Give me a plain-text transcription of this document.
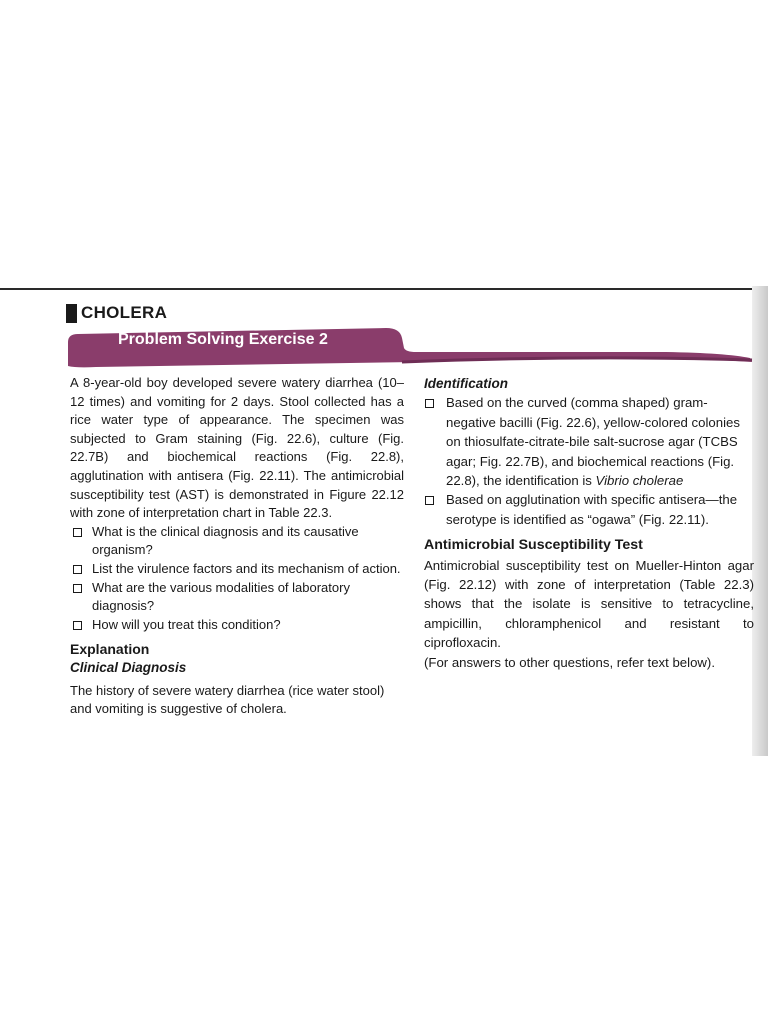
CHOLERA
Problem Solving Exercise 2

A 8-year-old boy developed severe watery diarrhea (10–12 times) and vomiting for 2 days. Stool collected has a rice water type of appearance. The specimen was subjected to Gram staining (Fig. 22.6), culture (Fig. 22.7B) and biochemical reactions (Fig. 22.8), agglutination with antisera (Fig. 22.11). The antimicrobial susceptibility test (AST) is demonstrated in Figure 22.12 with zone of interpretation chart in Table 22.3.

What is the clinical diagnosis and its causative organism?
List the virulence factors and its mechanism of action.
What are the various modalities of laboratory diagnosis?
How will you treat this condition?

Explanation

Clinical Diagnosis

The history of severe watery diarrhea (rice water stool) and vomiting is suggestive of cholera.

Identification

Based on the curved (comma shaped) gram-negative bacilli (Fig. 22.6), yellow-colored colonies on thiosulfate-citrate-bile salt-sucrose agar (TCBS agar; Fig. 22.7B), and biochemical reactions (Fig. 22.8), the identification is Vibrio cholerae
Based on agglutination with specific antisera—the serotype is identified as “ogawa” (Fig. 22.11).

Antimicrobial Susceptibility Test

Antimicrobial susceptibility test on Mueller-Hinton agar (Fig. 22.12) with zone of interpretation (Table 22.3) shows that the isolate is sensitive to tetracycline, ampicillin, chloramphenicol and resistant to ciprofloxacin.

(For answers to other questions, refer text below).
